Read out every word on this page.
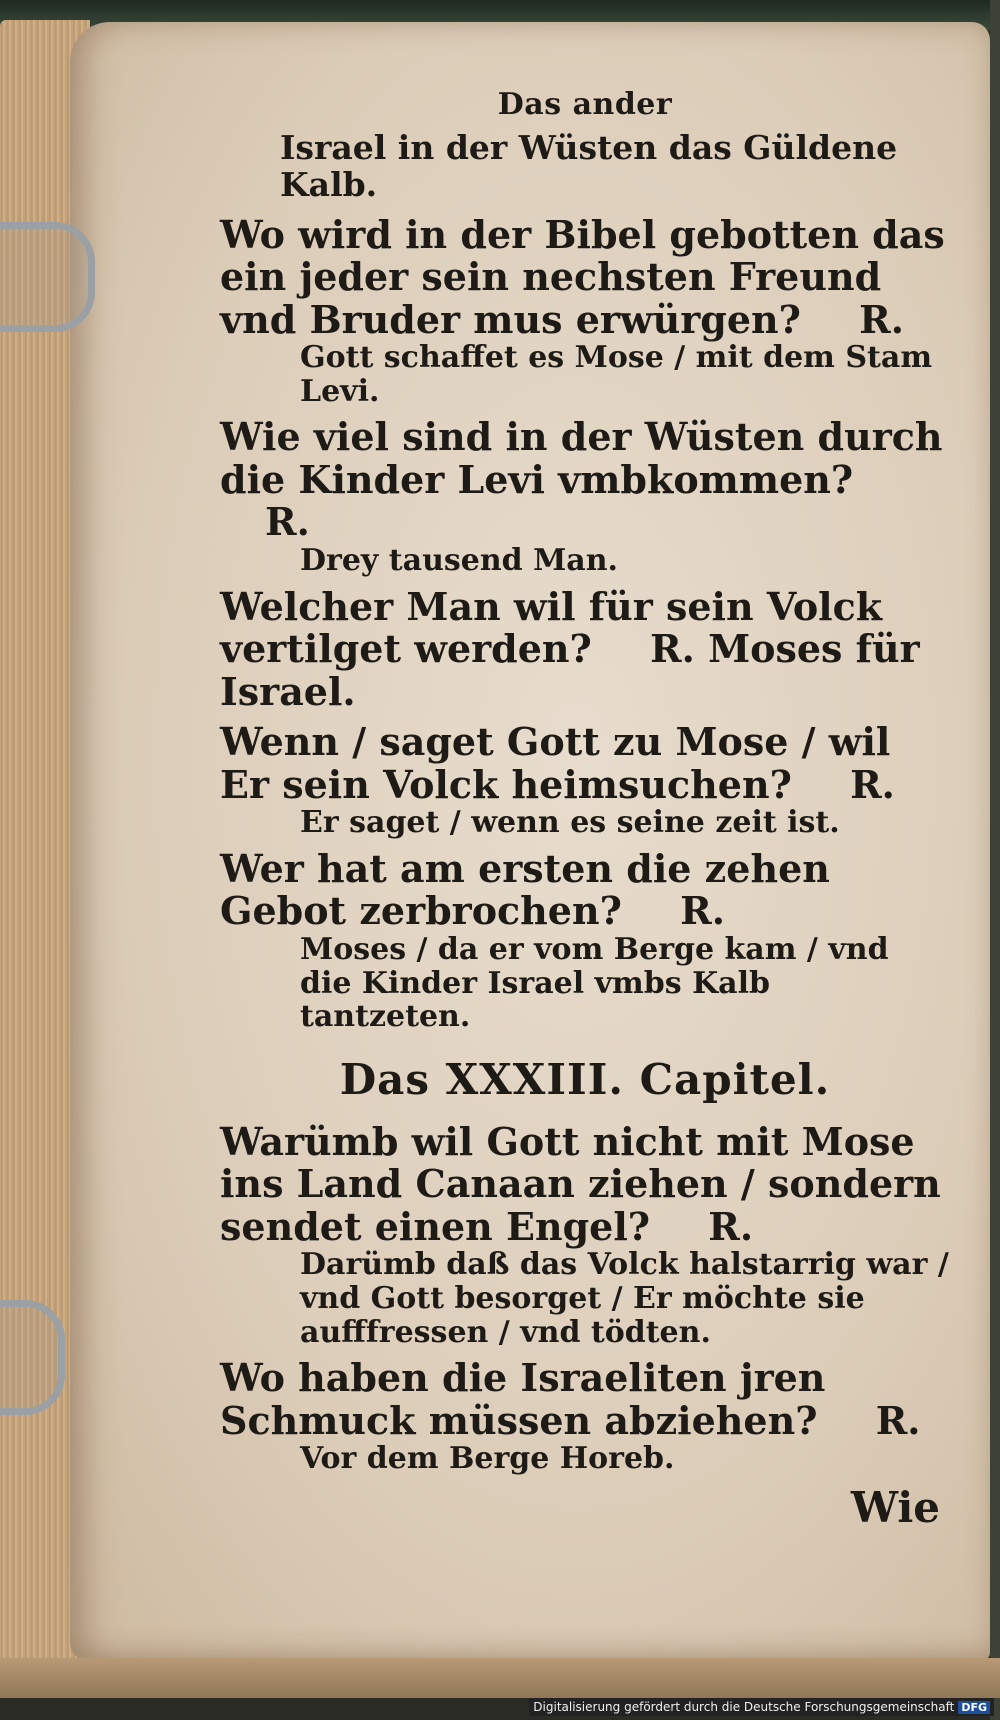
Das ander
Israel in der Wüsten das Güldene Kalb.

Wo wird in der Bibel gebotten das ein jeder sein nechsten Freund vnd Bruder mus erwürgen? R.

Gott schaffet es Mose / mit dem Stam Levi.

Wie viel sind in der Wüsten durch die Kinder Levi vmbkommen? R.

Drey tausend Man.

Welcher Man wil für sein Volck vertilget werden? R. Moses für Israel.

Wenn / saget Gott zu Mose / wil Er sein Volck heimsuchen? R.

Er saget / wenn es seine zeit ist.

Wer hat am ersten die zehen Gebot zerbrochen? R.

Moses / da er vom Berge kam / vnd die Kinder Israel vmbs Kalb tantzeten.

Das XXXIII. Capitel.

Warümb wil Gott nicht mit Mose ins Land Canaan ziehen / sondern sendet einen Engel? R.

Darümb daß das Volck halstarrig war / vnd Gott besorget / Er möchte sie aufffressen / vnd tödten.

Wo haben die Israeliten jren Schmuck müssen abziehen? R.

Vor dem Berge Horeb.

Wie
Digitalisierung gefördert durch die Deutsche Forschungsgemeinschaft DFG
